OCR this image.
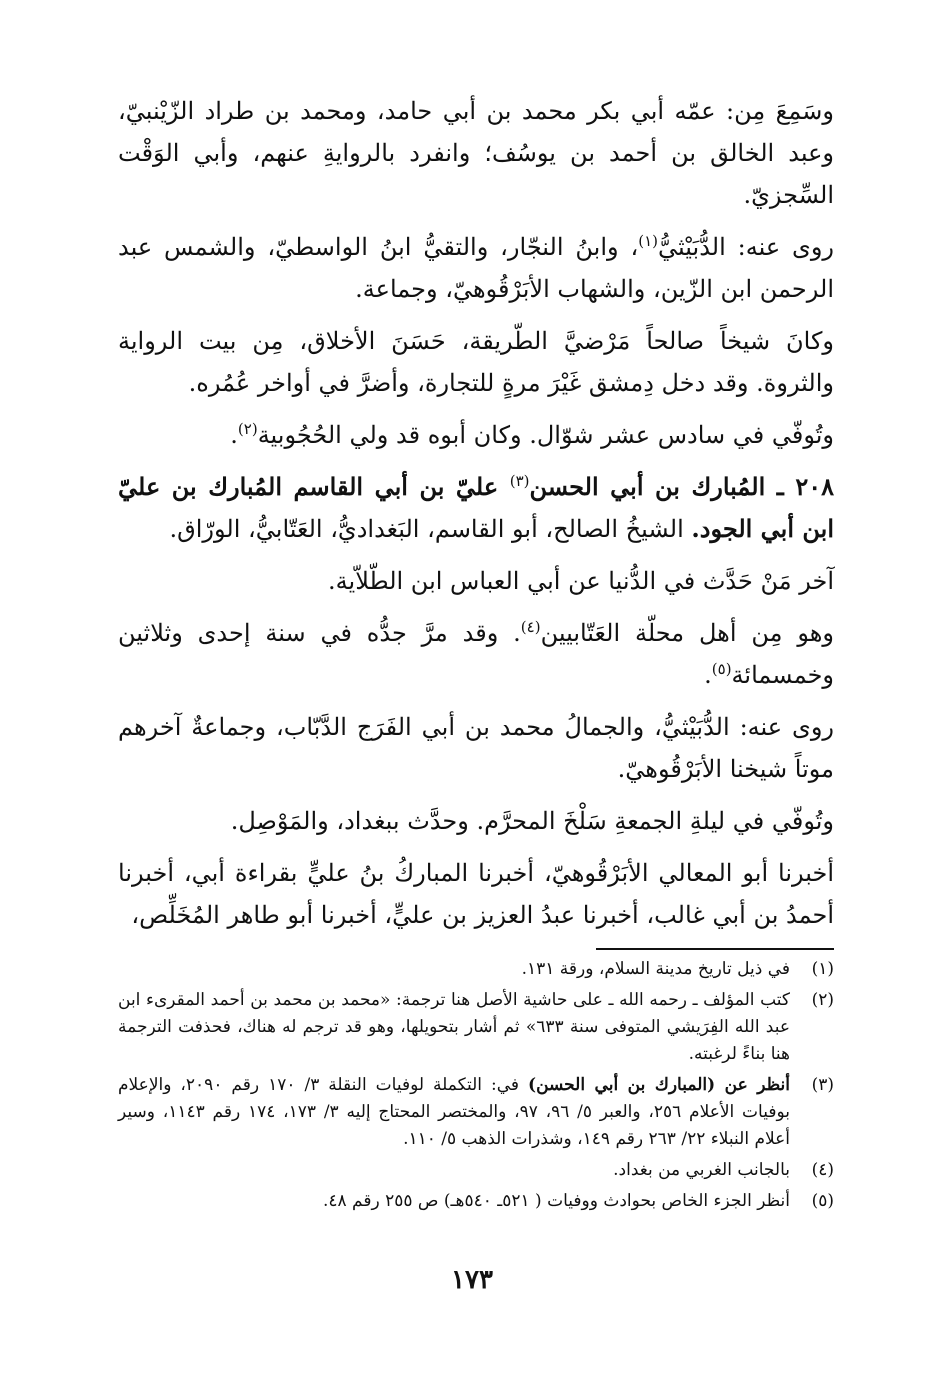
وسَمِعَ مِن: عمّه أبي بكر محمد بن أبي حامد، ومحمد بن طراد الزّيْنبيّ، وعبد الخالق بن أحمد بن يوسُف؛ وانفرد بالروايةِ عنهم، وأبي الوَقْت السِّجزيّ.

روى عنه: الدُّبَيْثيُّ$^{(١)}$، وابنُ النجّار، والتقيُّ ابنُ الواسطيّ، والشمس عبد الرحمن ابن الزّين، والشهاب الأبَرْقُوهيّ، وجماعة.

وكانَ شيخاً صالحاً مَرْضيَّ الطّريقة، حَسَنَ الأخلاق، مِن بيت الرواية والثروة. وقد دخل دِمشق غَيْرَ مرةٍ للتجارة، وأضرَّ في أواخر عُمُره.

وتُوفّي في سادس عشر شوّال. وكان أبوه قد ولي الحُجُوبية$^{(٢)}$.

٢٠٨ ـ المُبارك بن أبي الحسن$^{(٣)}$ عليّ بن أبي القاسم المُبارك بن عليّ ابن أبي الجود. الشيخُ الصالح، أبو القاسم، البَغداديُّ، العَتّابيُّ، الورّاق.

آخر مَنْ حَدَّث في الدُّنيا عن أبي العباس ابن الطّلاّية.

وهو مِن أهل محلّة العَتّابيين$^{(٤)}$. وقد مرَّ جدُّه في سنة إحدى وثلاثين وخمسمائة$^{(٥)}$.

روى عنه: الدُّبَيْثيُّ، والجمالُ محمد بن أبي الفَرَج الدَّبّاب، وجماعةٌ آخرهم موتاً شيخنا الأبَرْقُوهيّ.

وتُوفّي في ليلةِ الجمعةِ سَلْخَ المحرَّم. وحدَّث ببغداد، والمَوْصِل.

أخبرنا أبو المعالي الأبَرْقُوهيّ، أخبرنا المباركُ بنُ عليٍّ بقراءة أبي، أخبرنا أحمدُ بن أبي غالب، أخبرنا عبدُ العزيز بن عليٍّ، أخبرنا أبو طاهر المُخَلِّص،

(١)
في ذيل تاريخ مدينة السلام، ورقة ١٣١.
(٢)
كتب المؤلف ـ رحمه الله ـ على حاشية الأصل هنا ترجمة: «محمد بن محمد بن أحمد المقرىء ابن عبد الله الفِرَيشي المتوفى سنة ٦٣٣» ثم أشار بتحويلها، وهو قد ترجم له هناك، فحذفت الترجمة هنا بناءً لرغبته.
(٣)
أنظر عن (المبارك بن أبي الحسن) في: التكملة لوفيات النقلة ٣/ ١٧٠ رقم ٢٠٩٠، والإعلام بوفيات الأعلام ٢٥٦، والعبر ٥/ ٩٦، ٩٧، والمختصر المحتاج إليه ٣/ ١٧٣، ١٧٤ رقم ١١٤٣، وسير أعلام النبلاء ٢٢/ ٢٦٣ رقم ١٤٩، وشذرات الذهب ٥/ ١١٠.
(٤)
بالجانب الغربي من بغداد.
(٥)
أنظر الجزء الخاص بحوادث ووفيات ( ٥٢١ـ ٥٤٠هـ) ص ٢٥٥ رقم ٤٨.
١٧٣
